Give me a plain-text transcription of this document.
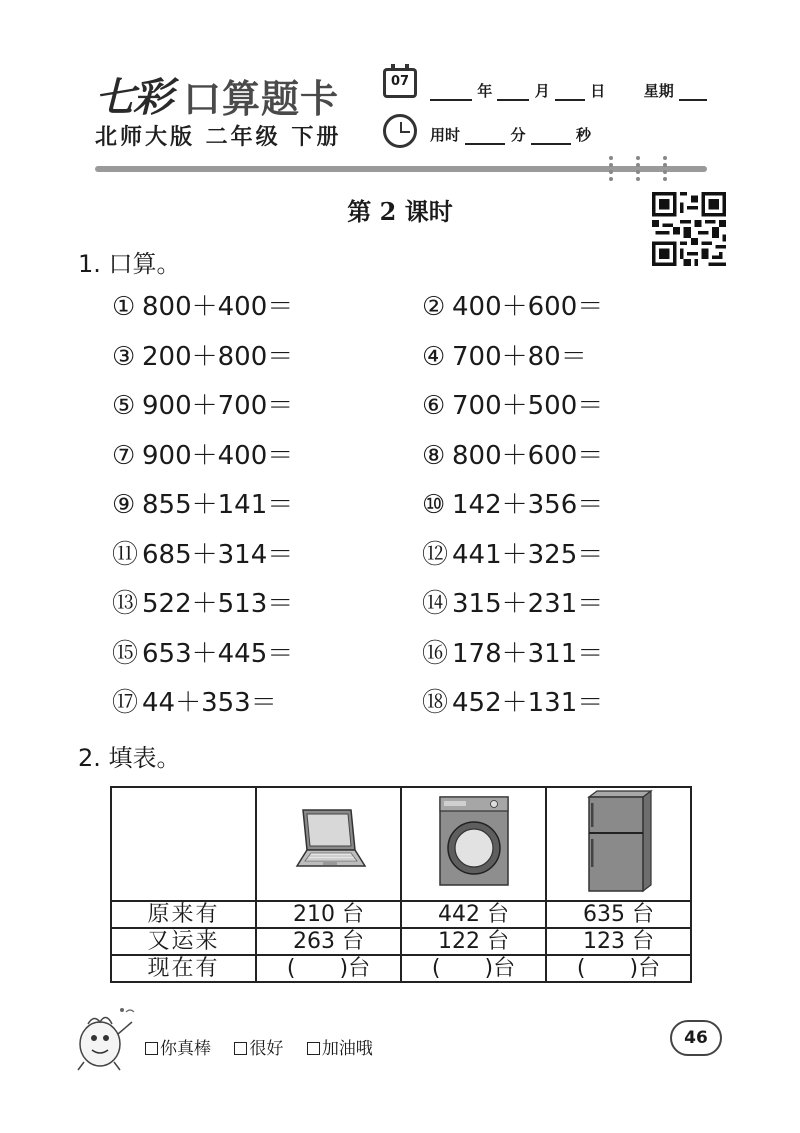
七彩 口算题卡
北师大版 二年级 下册
07
年	月	日	星期
用时	分	秒
第 2 课时
1. 口算。
① 800＋400＝	② 400＋600＝
③ 200＋800＝	④ 700＋80＝
⑤ 900＋700＝	⑥ 700＋500＝
⑦ 900＋400＝	⑧ 800＋600＝
⑨ 855＋141＝	⑩ 142＋356＝
⑪ 685＋314＝	⑫ 441＋325＝
⑬ 522＋513＝	⑭ 315＋231＝
⑮ 653＋445＝	⑯ 178＋311＝
⑰ 44＋353＝	⑱ 452＋131＝
2. 填表。

原来有	210 台	442 台	635 台
又运来	263 台	122 台	123 台
现在有	(　　)台	(　　)台	(　　)台
你真棒 很好 加油哦
46
